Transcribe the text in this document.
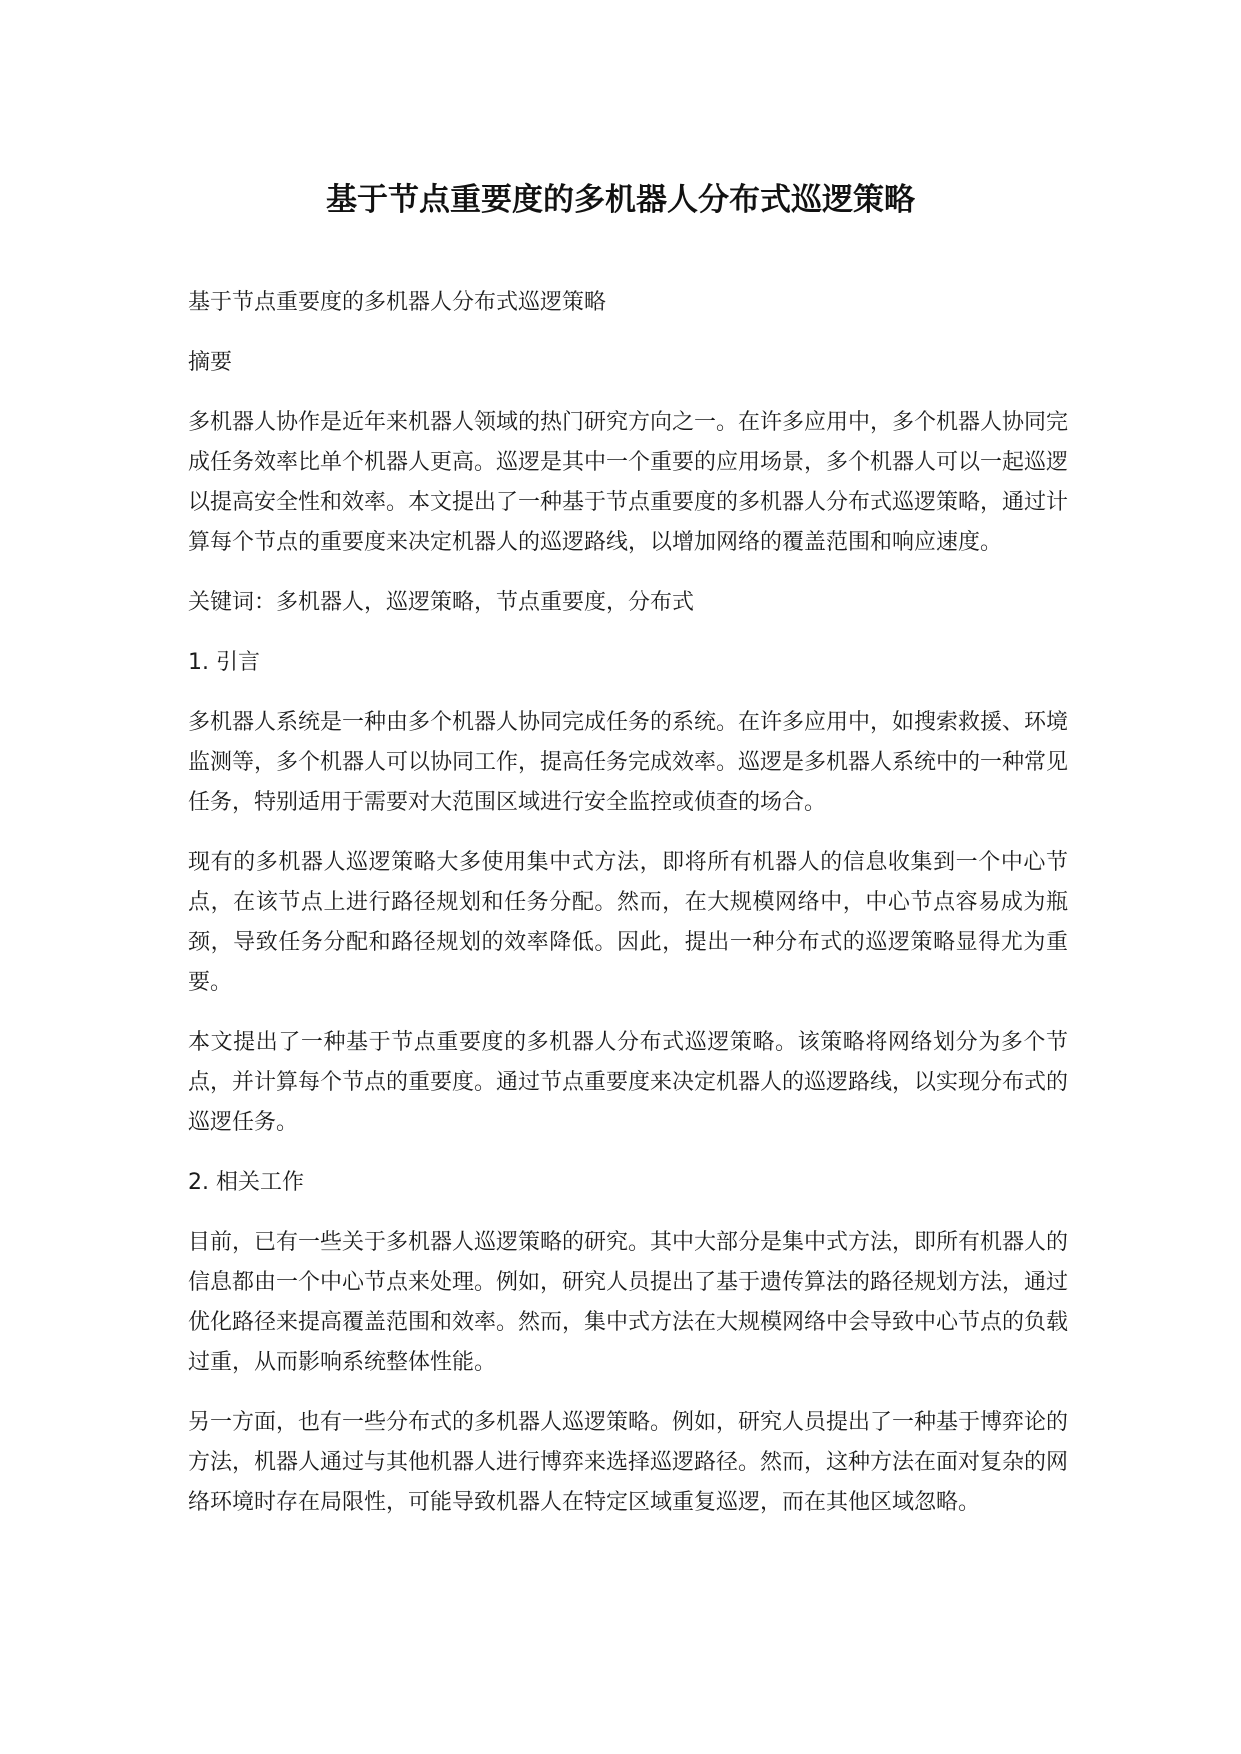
基于节点重要度的多机器人分布式巡逻策略

基于节点重要度的多机器人分布式巡逻策略

摘要

多机器人协作是近年来机器人领域的热门研究方向之一。在许多应用中，多个机器人协同完成任务效率比单个机器人更高。巡逻是其中一个重要的应用场景，多个机器人可以一起巡逻以提高安全性和效率。本文提出了一种基于节点重要度的多机器人分布式巡逻策略，通过计算每个节点的重要度来决定机器人的巡逻路线，以增加网络的覆盖范围和响应速度。

关键词：多机器人，巡逻策略，节点重要度，分布式

1. 引言

多机器人系统是一种由多个机器人协同完成任务的系统。在许多应用中，如搜索救援、环境监测等，多个机器人可以协同工作，提高任务完成效率。巡逻是多机器人系统中的一种常见任务，特别适用于需要对大范围区域进行安全监控或侦查的场合。

现有的多机器人巡逻策略大多使用集中式方法，即将所有机器人的信息收集到一个中心节点，在该节点上进行路径规划和任务分配。然而，在大规模网络中，中心节点容易成为瓶颈，导致任务分配和路径规划的效率降低。因此，提出一种分布式的巡逻策略显得尤为重要。

本文提出了一种基于节点重要度的多机器人分布式巡逻策略。该策略将网络划分为多个节点，并计算每个节点的重要度。通过节点重要度来决定机器人的巡逻路线，以实现分布式的巡逻任务。

2. 相关工作

目前，已有一些关于多机器人巡逻策略的研究。其中大部分是集中式方法，即所有机器人的信息都由一个中心节点来处理。例如，研究人员提出了基于遗传算法的路径规划方法，通过优化路径来提高覆盖范围和效率。然而，集中式方法在大规模网络中会导致中心节点的负载过重，从而影响系统整体性能。

另一方面，也有一些分布式的多机器人巡逻策略。例如，研究人员提出了一种基于博弈论的方法，机器人通过与其他机器人进行博弈来选择巡逻路径。然而，这种方法在面对复杂的网络环境时存在局限性，可能导致机器人在特定区域重复巡逻，而在其他区域忽略。
